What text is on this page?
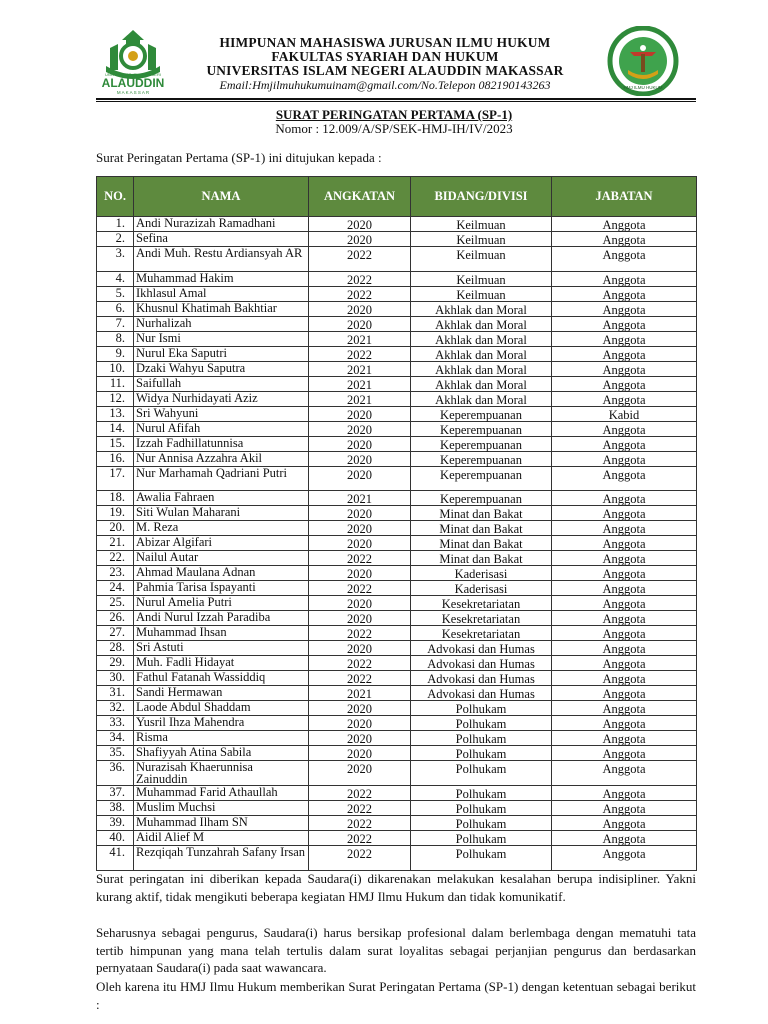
UNIVERSITAS ISLAM NEGERI
ALAUDDIN
M A K A S S A R
HIMPUNAN MAHASISWA JURUSAN ILMU HUKUM
FAKULTAS SYARIAH DAN HUKUM
UNIVERSITAS ISLAM NEGERI ALAUDDIN MAKASSAR
Email:Hmjilmuhukumuinam@gmail.com/No.Telepon 082190143263	HMJ ILMU HUKUM
SURAT PERINGATAN PERTAMA (SP-1)
Nomor : 12.009/A/SP/SEK-HMJ-IH/IV/2023
Surat Peringatan Pertama (SP-1) ini ditujukan kepada :
NO.	NAMA	ANGKATAN	BIDANG/DIVISI	JABATAN
1.	Andi Nurazizah Ramadhani	2020	Keilmuan	Anggota
2.	Sefina	2020	Keilmuan	Anggota
3.	Andi Muh. Restu Ardiansyah AR	2022	Keilmuan	Anggota
4.	Muhammad Hakim	2022	Keilmuan	Anggota
5.	Ikhlasul Amal	2022	Keilmuan	Anggota
6.	Khusnul Khatimah Bakhtiar	2020	Akhlak dan Moral	Anggota
7.	Nurhalizah	2020	Akhlak dan Moral	Anggota
8.	Nur Ismi	2021	Akhlak dan Moral	Anggota
9.	Nurul Eka Saputri	2022	Akhlak dan Moral	Anggota
10.	Dzaki Wahyu Saputra	2021	Akhlak dan Moral	Anggota
11.	Saifullah	2021	Akhlak dan Moral	Anggota
12.	Widya Nurhidayati Aziz	2021	Akhlak dan Moral	Anggota
13.	Sri Wahyuni	2020	Keperempuanan	Kabid
14.	Nurul Afifah	2020	Keperempuanan	Anggota
15.	Izzah Fadhillatunnisa	2020	Keperempuanan	Anggota
16.	Nur Annisa Azzahra Akil	2020	Keperempuanan	Anggota
17.	Nur Marhamah Qadriani Putri	2020	Keperempuanan	Anggota
18.	Awalia Fahraen	2021	Keperempuanan	Anggota
19.	Siti Wulan Maharani	2020	Minat dan Bakat	Anggota
20.	M. Reza	2020	Minat dan Bakat	Anggota
21.	Abizar Algifari	2020	Minat dan Bakat	Anggota
22.	Nailul Autar	2022	Minat dan Bakat	Anggota
23.	Ahmad Maulana Adnan	2020	Kaderisasi	Anggota
24.	Pahmia Tarisa Ispayanti	2022	Kaderisasi	Anggota
25.	Nurul Amelia Putri	2020	Kesekretariatan	Anggota
26.	Andi Nurul Izzah Paradiba	2020	Kesekretariatan	Anggota
27.	Muhammad Ihsan	2022	Kesekretariatan	Anggota
28.	Sri Astuti	2020	Advokasi dan Humas	Anggota
29.	Muh. Fadli Hidayat	2022	Advokasi dan Humas	Anggota
30.	Fathul Fatanah Wassiddiq	2022	Advokasi dan Humas	Anggota
31.	Sandi Hermawan	2021	Advokasi dan Humas	Anggota
32.	Laode Abdul Shaddam	2020	Polhukam	Anggota
33.	Yusril Ihza Mahendra	2020	Polhukam	Anggota
34.	Risma	2020	Polhukam	Anggota
35.	Shafiyyah Atina Sabila	2020	Polhukam	Anggota
36.	Nurazisah Khaerunnisa Zainuddin	2020	Polhukam	Anggota
37.	Muhammad Farid Athaullah	2022	Polhukam	Anggota
38.	Muslim Muchsi	2022	Polhukam	Anggota
39.	Muhammad Ilham SN	2022	Polhukam	Anggota
40.	Aidil Alief M	2022	Polhukam	Anggota
41.	Rezqiqah Tunzahrah Safany Irsan	2022	Polhukam	Anggota
Surat peringatan ini diberikan kepada Saudara(i) dikarenakan melakukan kesalahan berupa indisipliner. Yakni kurang aktif, tidak mengikuti beberapa kegiatan HMJ Ilmu Hukum dan tidak komunikatif.
Seharusnya sebagai pengurus, Saudara(i) harus bersikap profesional dalam berlembaga dengan mematuhi tata tertib himpunan yang mana telah tertulis dalam surat loyalitas sebagai perjanjian pengurus dan berdasarkan pernyataan Saudara(i) pada saat wawancara.
Oleh karena itu HMJ Ilmu Hukum memberikan Surat Peringatan Pertama (SP-1) dengan ketentuan sebagai berikut :
